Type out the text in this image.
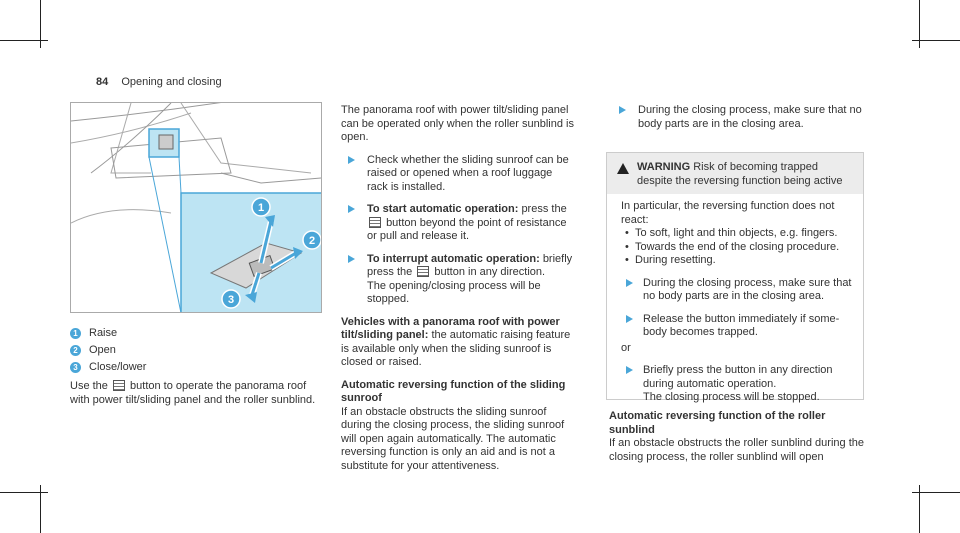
84 Opening and closing
1
2
3
1 Raise
2 Open
3 Close/lower

Use the button to operate the panorama roof with power tilt/sliding panel and the roller sunblind.

The panorama roof with power tilt/sliding panel can be operated only when the roller sunblind is open.

Check whether the sliding sunroof can be raised or opened when a roof luggage rack is installed.
To start automatic operation: press the  button beyond the point of resistance or pull and release it.
To interrupt automatic operation: briefly press the button in any direction.
The opening/closing process will be stopped.

Vehicles with a panorama roof with power tilt/sliding panel: the automatic raising feature is available only when the sliding sunroof is closed or raised.

Automatic reversing function of the sliding sunroof

If an obstacle obstructs the sliding sunroof during the closing process, the sliding sunroof will open again automatically. The automatic reversing function is only an aid and is not a substitute for your attentiveness.

During the closing process, make sure that no body parts are in the closing area.
WARNING Risk of becoming trapped despite the reversing function being active
In particular, the reversing function does not react:
• To soft, light and thin objects, e.g. fingers.
• Towards the end of the closing procedure.
• During resetting.
During the closing process, make sure that no body parts are in the closing area.
Release the button immediately if some-body becomes trapped.
or
Briefly press the button in any direction during automatic operation.
The closing process will be stopped.
Automatic reversing function of the roller sunblind
If an obstacle obstructs the roller sunblind during the closing process, the roller sunblind will open
